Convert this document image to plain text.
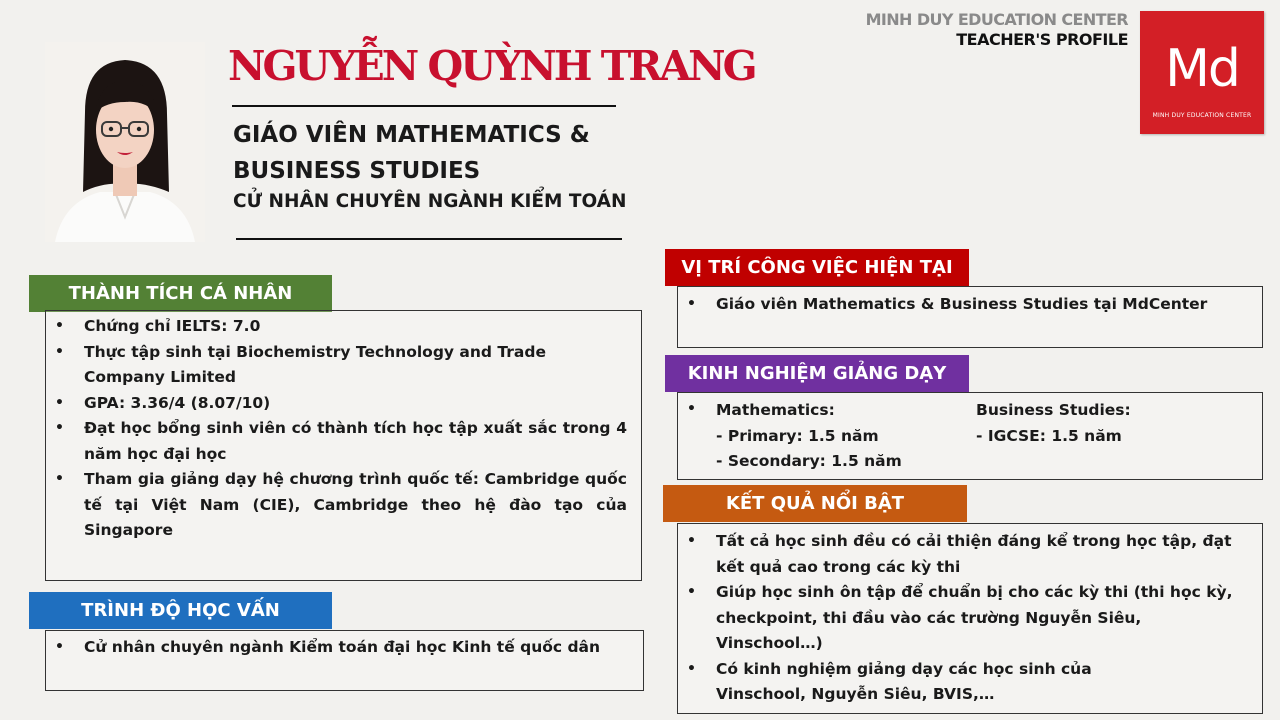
NGUYỄN QUỲNH TRANG
GIÁO VIÊN MATHEMATICS &
BUSINESS STUDIES
CỬ NHÂN CHUYÊN NGÀNH KIỂM TOÁN
MINH DUY EDUCATION CENTER
TEACHER'S PROFILE Md
MINH DUY EDUCATION CENTER
THÀNH TÍCH CÁ NHÂN
• Chứng chỉ IELTS: 7.0
• Thực tập sinh tại Biochemistry Technology and Trade Company Limited
• GPA: 3.36/4 (8.07/10)
• Đạt học bổng sinh viên có thành tích học tập xuất sắc trong 4 năm học đại học
• Tham gia giảng dạy hệ chương trình quốc tế: Cambridge quốc tế tại Việt Nam (CIE), Cambridge theo hệ đào tạo của Singapore
TRÌNH ĐỘ HỌC VẤN
• Cử nhân chuyên ngành Kiểm toán đại học Kinh tế quốc dân
VỊ TRÍ CÔNG VIỆC HIỆN TẠI
• Giáo viên Mathematics & Business Studies tại MdCenter
KINH NGHIỆM GIẢNG DẠY
• Mathematics:
- Primary: 1.5 năm
- Secondary: 1.5 năm
Business Studies:
- IGCSE: 1.5 năm
KẾT QUẢ NỔI BẬT
• Tất cả học sinh đều có cải thiện đáng kể trong học tập, đạt kết quả cao trong các kỳ thi
• Giúp học sinh ôn tập để chuẩn bị cho các kỳ thi (thi học kỳ, checkpoint, thi đầu vào các trường Nguyễn Siêu, Vinschool…)
• Có kinh nghiệm giảng dạy các học sinh của Vinschool, Nguyễn Siêu, BVIS,…
